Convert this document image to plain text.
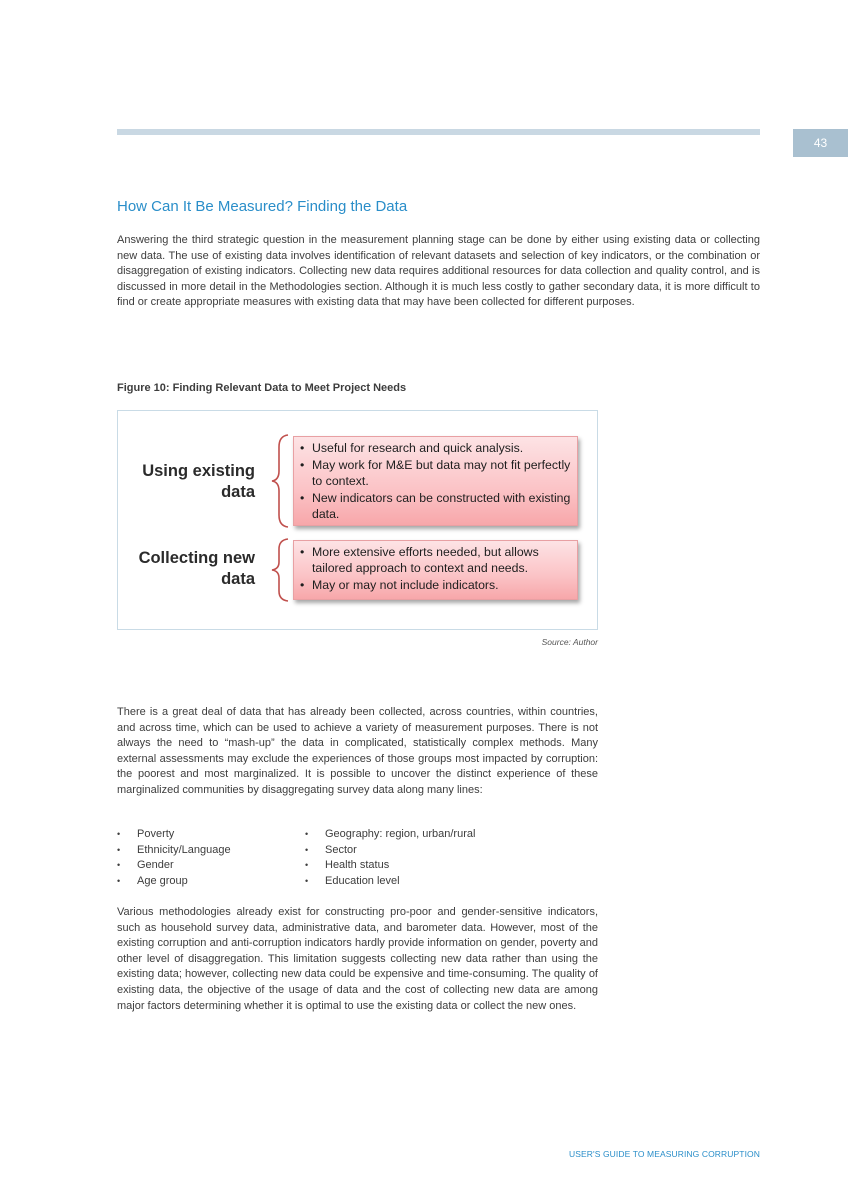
43
How Can It Be Measured? Finding the Data

Answering the third strategic question in the measurement planning stage can be done by either using existing data or collecting new data. The use of existing data involves identification of relevant datasets and selection of key indicators, or the combination or disaggregation of existing indicators. Collecting new data requires additional resources for data collection and quality control, and is discussed in more detail in the Methodologies section. Although it is much less costly to gather secondary data, it is more difficult to find or create appropriate measures with existing data that may have been collected for different purposes.

Figure 10: Finding Relevant Data to Meet Project Needs

Using existing
data

Collecting new
data

• Useful for research and quick analysis.
• May work for M&E but data may not fit perfectly to context.
• New indicators can be constructed with existing data.
• More extensive efforts needed, but allows tailored approach to context and needs.
• May or may not include indicators.

Source: Author

There is a great deal of data that has already been collected, across countries, within countries, and across time, which can be used to achieve a variety of measurement purposes. There is not always the need to “mash-up” the data in complicated, statistically complex methods. Many external assessments may exclude the experiences of those groups most impacted by corruption: the poorest and most marginalized. It is possible to uncover the distinct experience of these marginalized communities by disaggregating survey data along many lines:

• Poverty
• Ethnicity/Language
• Gender
• Age group
• Geography: region, urban/rural
• Sector
• Health status
• Education level

Various methodologies already exist for constructing pro-poor and gender-sensitive indicators, such as household survey data, administrative data, and barometer data. However, most of the existing corruption and anti-corruption indicators hardly provide information on gender, poverty and other level of disaggregation. This limitation suggests collecting new data rather than using the existing data; however, collecting new data could be expensive and time-consuming. The quality of existing data, the objective of the usage of data and the cost of collecting new data are among major factors determining whether it is optimal to use the existing data or collect the new ones.

USER'S GUIDE TO MEASURING CORRUPTION
